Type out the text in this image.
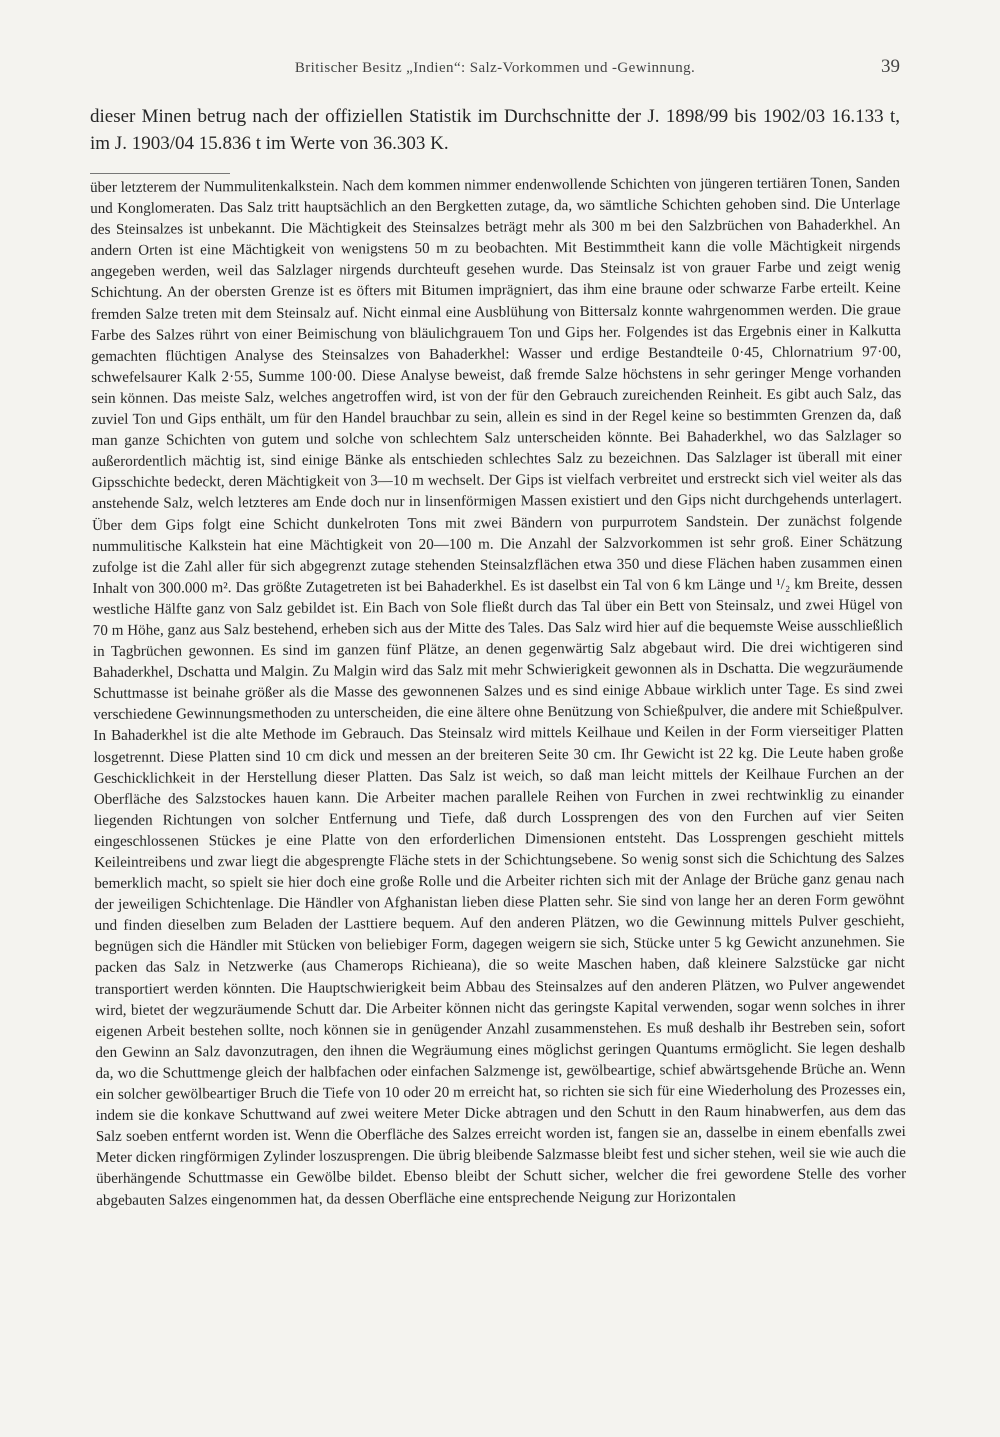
Britischer Besitz „Indien“: Salz-Vorkommen und -Gewinnung.	39
dieser Minen betrug nach der offiziellen Statistik im Durchschnitte der J. 1898/99 bis 1902/03 16.133 t, im J. 1903/04 15.836 t im Werte von 36.303 K.

über letzterem der Nummulitenkalkstein. Nach dem kommen nimmer endenwollende Schichten von jüngeren tertiären Tonen, Sanden und Konglomeraten. Das Salz tritt hauptsächlich an den Bergketten zutage, da, wo sämtliche Schichten gehoben sind. Die Unterlage des Steinsalzes ist unbekannt. Die Mächtigkeit des Steinsalzes beträgt mehr als 300 m bei den Salzbrüchen von Bahaderkhel. An andern Orten ist eine Mächtigkeit von wenigstens 50 m zu beobachten. Mit Bestimmtheit kann die volle Mächtigkeit nirgends angegeben werden, weil das Salzlager nirgends durchteuft gesehen wurde. Das Steinsalz ist von grauer Farbe und zeigt wenig Schichtung. An der obersten Grenze ist es öfters mit Bitumen imprägniert, das ihm eine braune oder schwarze Farbe erteilt. Keine fremden Salze treten mit dem Steinsalz auf. Nicht einmal eine Ausblühung von Bittersalz konnte wahrgenommen werden. Die graue Farbe des Salzes rührt von einer Beimischung von bläulichgrauem Ton und Gips her. Folgendes ist das Ergebnis einer in Kalkutta gemachten flüchtigen Analyse des Steinsalzes von Bahaderkhel: Wasser und erdige Bestandteile 0·45, Chlornatrium 97·00, schwefelsaurer Kalk 2·55, Summe 100·00. Diese Analyse beweist, daß fremde Salze höchstens in sehr geringer Menge vorhanden sein können. Das meiste Salz, welches angetroffen wird, ist von der für den Gebrauch zureichenden Reinheit. Es gibt auch Salz, das zuviel Ton und Gips enthält, um für den Handel brauchbar zu sein, allein es sind in der Regel keine so bestimmten Grenzen da, daß man ganze Schichten von gutem und solche von schlechtem Salz unterscheiden könnte. Bei Bahaderkhel, wo das Salzlager so außerordentlich mächtig ist, sind einige Bänke als entschieden schlechtes Salz zu bezeichnen. Das Salzlager ist überall mit einer Gipsschichte bedeckt, deren Mächtigkeit von 3—10 m wechselt. Der Gips ist vielfach verbreitet und erstreckt sich viel weiter als das anstehende Salz, welch letzteres am Ende doch nur in linsenförmigen Massen existiert und den Gips nicht durchgehends unterlagert. Über dem Gips folgt eine Schicht dunkelroten Tons mit zwei Bändern von purpurrotem Sandstein. Der zunächst folgende nummulitische Kalkstein hat eine Mächtigkeit von 20—100 m. Die Anzahl der Salzvorkommen ist sehr groß. Einer Schätzung zufolge ist die Zahl aller für sich abgegrenzt zutage stehenden Steinsalzflächen etwa 350 und diese Flächen haben zusammen einen Inhalt von 300.000 m². Das größte Zutagetreten ist bei Bahaderkhel. Es ist daselbst ein Tal von 6 km Länge und ¹/₂ km Breite, dessen westliche Hälfte ganz von Salz gebildet ist. Ein Bach von Sole fließt durch das Tal über ein Bett von Steinsalz, und zwei Hügel von 70 m Höhe, ganz aus Salz bestehend, erheben sich aus der Mitte des Tales. Das Salz wird hier auf die bequemste Weise ausschließlich in Tagbrüchen gewonnen. Es sind im ganzen fünf Plätze, an denen gegenwärtig Salz abgebaut wird. Die drei wichtigeren sind Bahaderkhel, Dschatta und Malgin. Zu Malgin wird das Salz mit mehr Schwierigkeit gewonnen als in Dschatta. Die wegzuräumende Schuttmasse ist beinahe größer als die Masse des gewonnenen Salzes und es sind einige Abbaue wirklich unter Tage. Es sind zwei verschiedene Gewinnungsmethoden zu unterscheiden, die eine ältere ohne Benützung von Schießpulver, die andere mit Schießpulver. In Bahaderkhel ist die alte Methode im Gebrauch. Das Steinsalz wird mittels Keilhaue und Keilen in der Form vierseitiger Platten losgetrennt. Diese Platten sind 10 cm dick und messen an der breiteren Seite 30 cm. Ihr Gewicht ist 22 kg. Die Leute haben große Geschicklichkeit in der Herstellung dieser Platten. Das Salz ist weich, so daß man leicht mittels der Keilhaue Furchen an der Oberfläche des Salzstockes hauen kann. Die Arbeiter machen parallele Reihen von Furchen in zwei rechtwinklig zu einander liegenden Richtungen von solcher Entfernung und Tiefe, daß durch Lossprengen des von den Furchen auf vier Seiten eingeschlossenen Stückes je eine Platte von den erforderlichen Dimensionen entsteht. Das Lossprengen geschieht mittels Keileintreibens und zwar liegt die abgesprengte Fläche stets in der Schichtungsebene. So wenig sonst sich die Schichtung des Salzes bemerklich macht, so spielt sie hier doch eine große Rolle und die Arbeiter richten sich mit der Anlage der Brüche ganz genau nach der jeweiligen Schichtenlage. Die Händler von Afghanistan lieben diese Platten sehr. Sie sind von lange her an deren Form gewöhnt und finden dieselben zum Beladen der Lasttiere bequem. Auf den anderen Plätzen, wo die Gewinnung mittels Pulver geschieht, begnügen sich die Händler mit Stücken von beliebiger Form, dagegen weigern sie sich, Stücke unter 5 kg Gewicht anzunehmen. Sie packen das Salz in Netzwerke (aus Chamerops Richieana), die so weite Maschen haben, daß kleinere Salzstücke gar nicht transportiert werden könnten. Die Hauptschwierigkeit beim Abbau des Steinsalzes auf den anderen Plätzen, wo Pulver angewendet wird, bietet der wegzuräumende Schutt dar. Die Arbeiter können nicht das geringste Kapital verwenden, sogar wenn solches in ihrer eigenen Arbeit bestehen sollte, noch können sie in genügender Anzahl zusammenstehen. Es muß deshalb ihr Bestreben sein, sofort den Gewinn an Salz davonzutragen, den ihnen die Wegräumung eines möglichst geringen Quantums ermöglicht. Sie legen deshalb da, wo die Schuttmenge gleich der halbfachen oder einfachen Salzmenge ist, gewölbeartige, schief abwärtsgehende Brüche an. Wenn ein solcher gewölbeartiger Bruch die Tiefe von 10 oder 20 m erreicht hat, so richten sie sich für eine Wiederholung des Prozesses ein, indem sie die konkave Schuttwand auf zwei weitere Meter Dicke abtragen und den Schutt in den Raum hinabwerfen, aus dem das Salz soeben entfernt worden ist. Wenn die Oberfläche des Salzes erreicht worden ist, fangen sie an, dasselbe in einem ebenfalls zwei Meter dicken ringförmigen Zylinder loszusprengen. Die übrig bleibende Salzmasse bleibt fest und sicher stehen, weil sie wie auch die überhängende Schuttmasse ein Gewölbe bildet. Ebenso bleibt der Schutt sicher, welcher die frei gewordene Stelle des vorher abgebauten Salzes eingenommen hat, da dessen Oberfläche eine entsprechende Neigung zur Horizontalen
